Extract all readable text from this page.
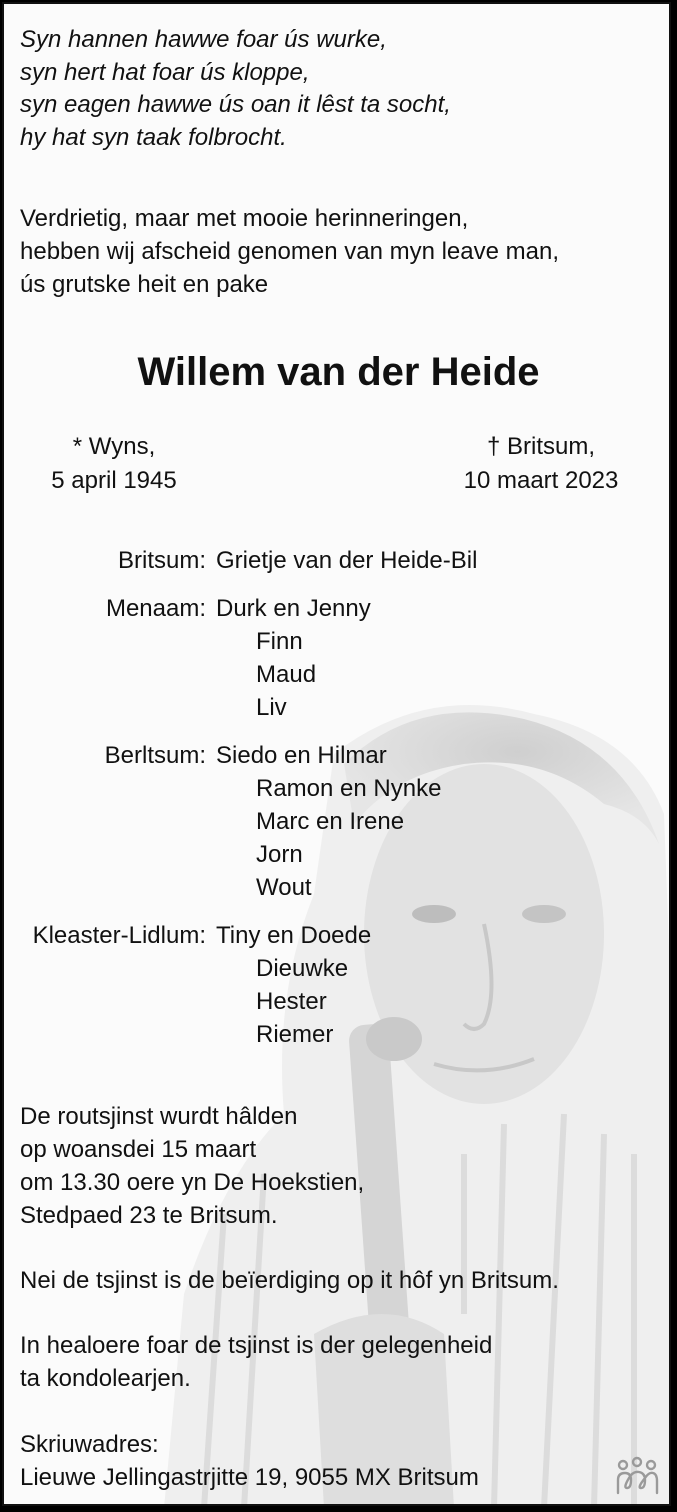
Syn hannen hawwe foar ús wurke,
syn hert hat foar ús kloppe,
syn eagen hawwe ús oan it lêst ta socht,
hy hat syn taak folbrocht.
Verdrietig, maar met mooie herinneringen,
hebben wij afscheid genomen van myn leave man,
ús grutske heit en pake
Willem van der Heide
* Wyns,
5 april 1945
† Britsum,
10 maart 2023
Britsum: Grietje van der Heide-Bil
Menaam: Durk en Jenny
Finn
Maud
Liv
Berltsum: Siedo en Hilmar
Ramon en Nynke
Marc en Irene
Jorn
Wout
Kleaster-Lidlum: Tiny en Doede
Dieuwke
Hester
Riemer
De routsjinst wurdt hâlden
op woansdei 15 maart
om 13.30 oere yn De Hoekstien,
Stedpaed 23 te Britsum.
Nei de tsjinst is de beïerdiging op it hôf yn Britsum.
In healoere foar de tsjinst is der gelegenheid
ta kondolearjen.
Skriuwadres:
Lieuwe Jellingastrjitte 19, 9055 MX Britsum
